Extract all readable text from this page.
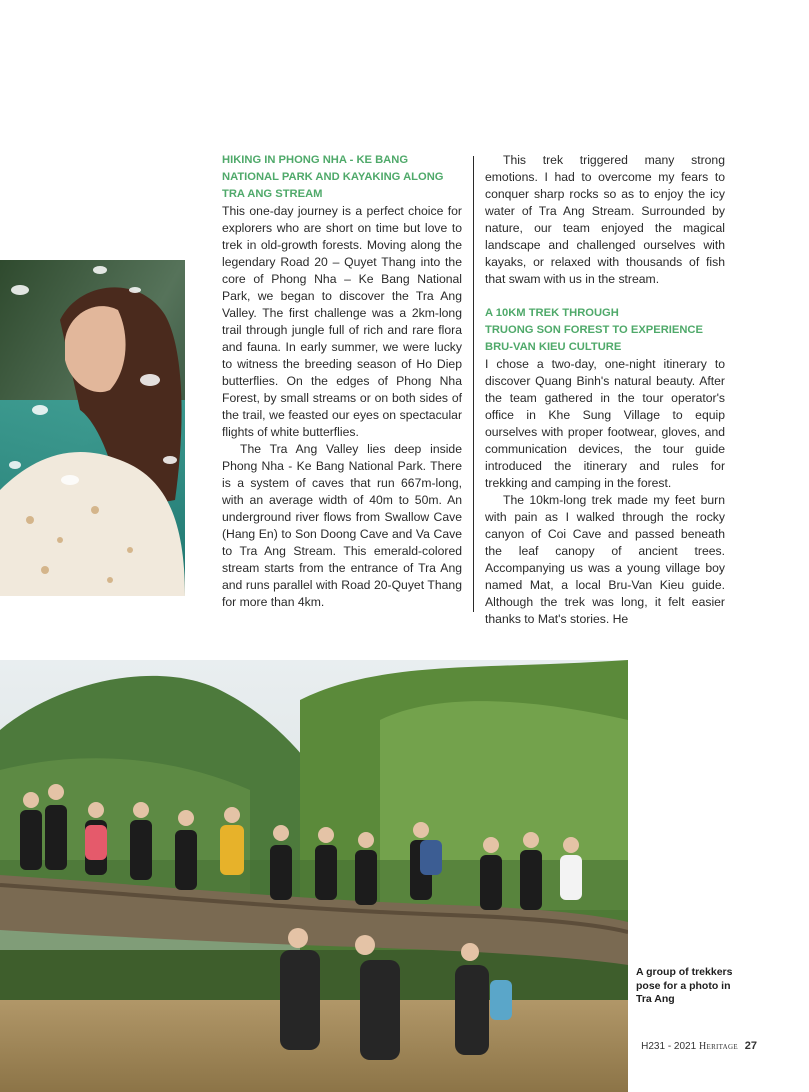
HIKING IN PHONG NHA - KE BANG
NATIONAL PARK AND KAYAKING ALONG
TRA ANG STREAM

This one-day journey is a perfect choice for explorers who are short on time but love to trek in old-growth forests. Moving along the legendary Road 20 – Quyet Thang into the core of Phong Nha – Ke Bang National Park, we began to discover the Tra Ang Valley. The first challenge was a 2km-long trail through jungle full of rich and rare flora and fauna. In early summer, we were lucky to witness the breeding season of Ho Diep butterflies. On the edges of Phong Nha Forest, by small streams or on both sides of the trail, we feasted our eyes on spectacular flights of white butterflies.

The Tra Ang Valley lies deep inside Phong Nha - Ke Bang National Park. There is a system of caves that run 667m-long, with an average width of 40m to 50m. An underground river flows from Swallow Cave (Hang En) to Son Doong Cave and Va Cave to Tra Ang Stream. This emerald-colored stream starts from the entrance of Tra Ang and runs parallel with Road 20-Quyet Thang for more than 4km.

This trek triggered many strong emotions. I had to overcome my fears to conquer sharp rocks so as to enjoy the icy water of Tra Ang Stream. Surrounded by nature, our team enjoyed the magical landscape and challenged ourselves with kayaks, or relaxed with thousands of fish that swam with us in the stream.

A 10KM TREK THROUGH
TRUONG SON FOREST TO EXPERIENCE
BRU-VAN KIEU CULTURE

I chose a two-day, one-night itinerary to discover Quang Binh's natural beauty. After the team gathered in the tour operator's office in Khe Sung Village to equip ourselves with proper footwear, gloves, and communication devices, the tour guide introduced the itinerary and rules for trekking and camping in the forest.

The 10km-long trek made my feet burn with pain as I walked through the rocky canyon of Coi Cave and passed beneath the leaf canopy of ancient trees. Accompanying us was a young village boy named Mat, a local Bru-Van Kieu guide. Although the trek was long, it felt easier thanks to Mat's stories. He

A group of trekkers
pose for a photo in
Tra Ang
H231 - 2021 Heritage 27
